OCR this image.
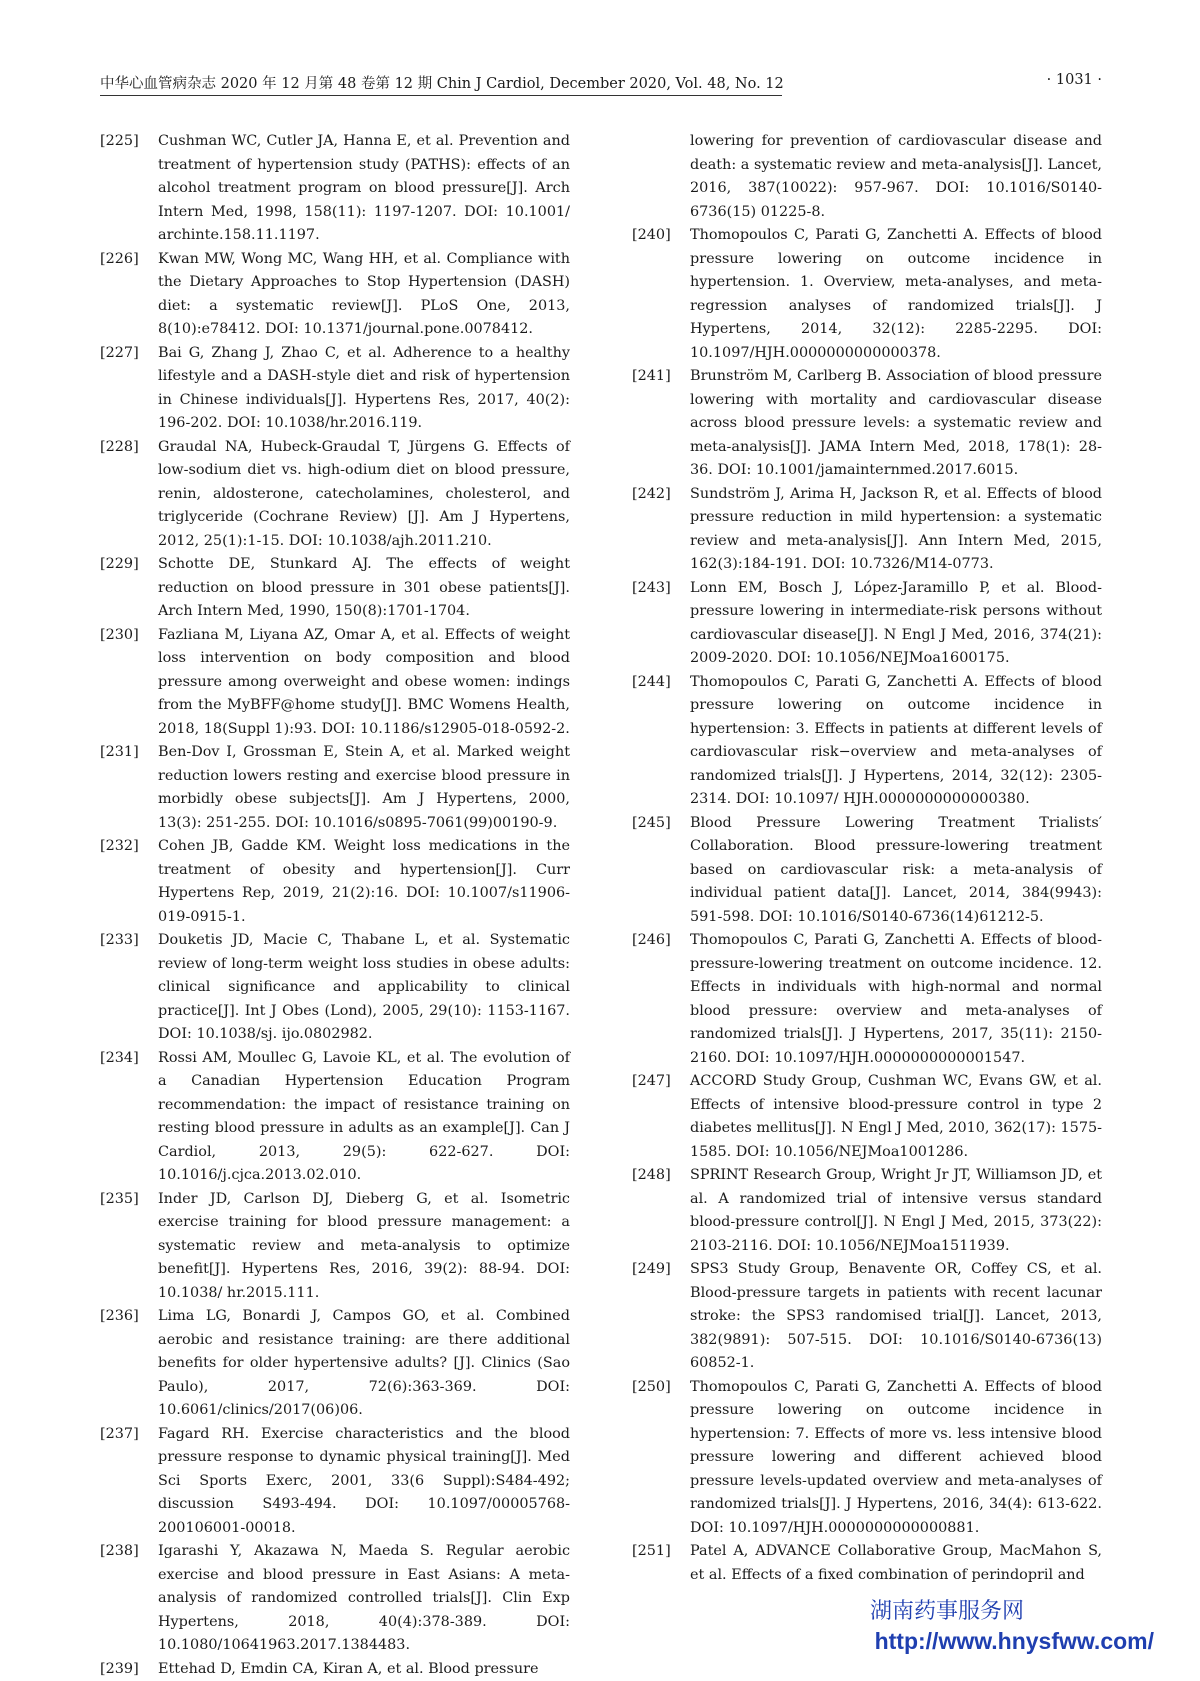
中华心血管病杂志 2020 年 12 月第 48 卷第 12 期 Chin J Cardiol, December 2020, Vol. 48, No. 12	· 1031 ·
[225]	Cushman WC, Cutler JA, Hanna E, et al. Prevention and treatment of hypertension study (PATHS): effects of an alcohol treatment program on blood pressure[J]. Arch Intern Med, 1998, 158(11): 1197-1207. DOI: 10.1001/ archinte.158.11.1197.
[226]	Kwan MW, Wong MC, Wang HH, et al. Compliance with the Dietary Approaches to Stop Hypertension (DASH) diet: a systematic review[J]. PLoS One, 2013, 8(10):e78412. DOI: 10.1371/journal.pone.0078412.
[227]	Bai G, Zhang J, Zhao C, et al. Adherence to a healthy lifestyle and a DASH-style diet and risk of hypertension in Chinese individuals[J]. Hypertens Res, 2017, 40(2): 196-202. DOI: 10.1038/hr.2016.119.
[228]	Graudal NA, Hubeck-Graudal T, Jürgens G. Effects of low-sodium diet vs. high-odium diet on blood pressure, renin, aldosterone, catecholamines, cholesterol, and triglyceride (Cochrane Review) [J]. Am J Hypertens, 2012, 25(1):1-15. DOI: 10.1038/ajh.2011.210.
[229]	Schotte DE, Stunkard AJ. The effects of weight reduction on blood pressure in 301 obese patients[J]. Arch Intern Med, 1990, 150(8):1701-1704.
[230]	Fazliana M, Liyana AZ, Omar A, et al. Effects of weight loss intervention on body composition and blood pressure among overweight and obese women: indings from the MyBFF@home study[J]. BMC Womens Health, 2018, 18(Suppl 1):93. DOI: 10.1186/s12905-018-0592-2.
[231]	Ben-Dov I, Grossman E, Stein A, et al. Marked weight reduction lowers resting and exercise blood pressure in morbidly obese subjects[J]. Am J Hypertens, 2000, 13(3): 251-255. DOI: 10.1016/s0895-7061(99)00190-9.
[232]	Cohen JB, Gadde KM. Weight loss medications in the treatment of obesity and hypertension[J]. Curr Hypertens Rep, 2019, 21(2):16. DOI: 10.1007/s11906-019-0915-1.
[233]	Douketis JD, Macie C, Thabane L, et al. Systematic review of long-term weight loss studies in obese adults: clinical significance and applicability to clinical practice[J]. Int J Obes (Lond), 2005, 29(10): 1153-1167. DOI: 10.1038/sj. ijo.0802982.
[234]	Rossi AM, Moullec G, Lavoie KL, et al. The evolution of a Canadian Hypertension Education Program recommendation: the impact of resistance training on resting blood pressure in adults as an example[J]. Can J Cardiol, 2013, 29(5): 622-627. DOI: 10.1016/j.cjca.2013.02.010.
[235]	Inder JD, Carlson DJ, Dieberg G, et al. Isometric exercise training for blood pressure management: a systematic review and meta-analysis to optimize benefit[J]. Hypertens Res, 2016, 39(2): 88-94. DOI: 10.1038/ hr.2015.111.
[236]	Lima LG, Bonardi J, Campos GO, et al. Combined aerobic and resistance training: are there additional benefits for older hypertensive adults? [J]. Clinics (Sao Paulo), 2017, 72(6):363-369. DOI: 10.6061/clinics/2017(06)06.
[237]	Fagard RH. Exercise characteristics and the blood pressure response to dynamic physical training[J]. Med Sci Sports Exerc, 2001, 33(6 Suppl):S484-492; discussion S493-494. DOI: 10.1097/00005768-200106001-00018.
[238]	Igarashi Y, Akazawa N, Maeda S. Regular aerobic exercise and blood pressure in East Asians: A meta-analysis of randomized controlled trials[J]. Clin Exp Hypertens, 2018, 40(4):378-389. DOI: 10.1080/10641963.2017.1384483.
[239]	Ettehad D, Emdin CA, Kiran A, et al. Blood pressure
lowering for prevention of cardiovascular disease and death: a systematic review and meta-analysis[J]. Lancet, 2016, 387(10022): 957-967. DOI: 10.1016/S0140-6736(15) 01225-8.
[240]	Thomopoulos C, Parati G, Zanchetti A. Effects of blood pressure lowering on outcome incidence in hypertension. 1. Overview, meta-analyses, and meta-regression analyses of randomized trials[J]. J Hypertens, 2014, 32(12): 2285-2295. DOI: 10.1097/HJH.0000000000000378.
[241]	Brunström M, Carlberg B. Association of blood pressure lowering with mortality and cardiovascular disease across blood pressure levels: a systematic review and meta-analysis[J]. JAMA Intern Med, 2018, 178(1): 28-36. DOI: 10.1001/jamainternmed.2017.6015.
[242]	Sundström J, Arima H, Jackson R, et al. Effects of blood pressure reduction in mild hypertension: a systematic review and meta-analysis[J]. Ann Intern Med, 2015, 162(3):184-191. DOI: 10.7326/M14-0773.
[243]	Lonn EM, Bosch J, López-Jaramillo P, et al. Blood-pressure lowering in intermediate-risk persons without cardiovascular disease[J]. N Engl J Med, 2016, 374(21): 2009-2020. DOI: 10.1056/NEJMoa1600175.
[244]	Thomopoulos C, Parati G, Zanchetti A. Effects of blood pressure lowering on outcome incidence in hypertension: 3. Effects in patients at different levels of cardiovascular risk−overview and meta-analyses of randomized trials[J]. J Hypertens, 2014, 32(12): 2305-2314. DOI: 10.1097/ HJH.0000000000000380.
[245]	Blood Pressure Lowering Treatment Trialists′ Collaboration. Blood pressure-lowering treatment based on cardiovascular risk: a meta-analysis of individual patient data[J]. Lancet, 2014, 384(9943): 591-598. DOI: 10.1016/S0140-6736(14)61212-5.
[246]	Thomopoulos C, Parati G, Zanchetti A. Effects of blood-pressure-lowering treatment on outcome incidence. 12. Effects in individuals with high-normal and normal blood pressure: overview and meta-analyses of randomized trials[J]. J Hypertens, 2017, 35(11): 2150-2160. DOI: 10.1097/HJH.0000000000001547.
[247]	ACCORD Study Group, Cushman WC, Evans GW, et al. Effects of intensive blood-pressure control in type 2 diabetes mellitus[J]. N Engl J Med, 2010, 362(17): 1575-1585. DOI: 10.1056/NEJMoa1001286.
[248]	SPRINT Research Group, Wright Jr JT, Williamson JD, et al. A randomized trial of intensive versus standard blood-pressure control[J]. N Engl J Med, 2015, 373(22): 2103-2116. DOI: 10.1056/NEJMoa1511939.
[249]	SPS3 Study Group, Benavente OR, Coffey CS, et al. Blood-pressure targets in patients with recent lacunar stroke: the SPS3 randomised trial[J]. Lancet, 2013, 382(9891): 507-515. DOI: 10.1016/S0140-6736(13) 60852-1.
[250]	Thomopoulos C, Parati G, Zanchetti A. Effects of blood pressure lowering on outcome incidence in hypertension: 7. Effects of more vs. less intensive blood pressure lowering and different achieved blood pressure levels-updated overview and meta-analyses of randomized trials[J]. J Hypertens, 2016, 34(4): 613-622. DOI: 10.1097/HJH.0000000000000881.
[251]	Patel A, ADVANCE Collaborative Group, MacMahon S, et al. Effects of a fixed combination of perindopril and
湖南药事服务网
http://www.hnysfww.com/
